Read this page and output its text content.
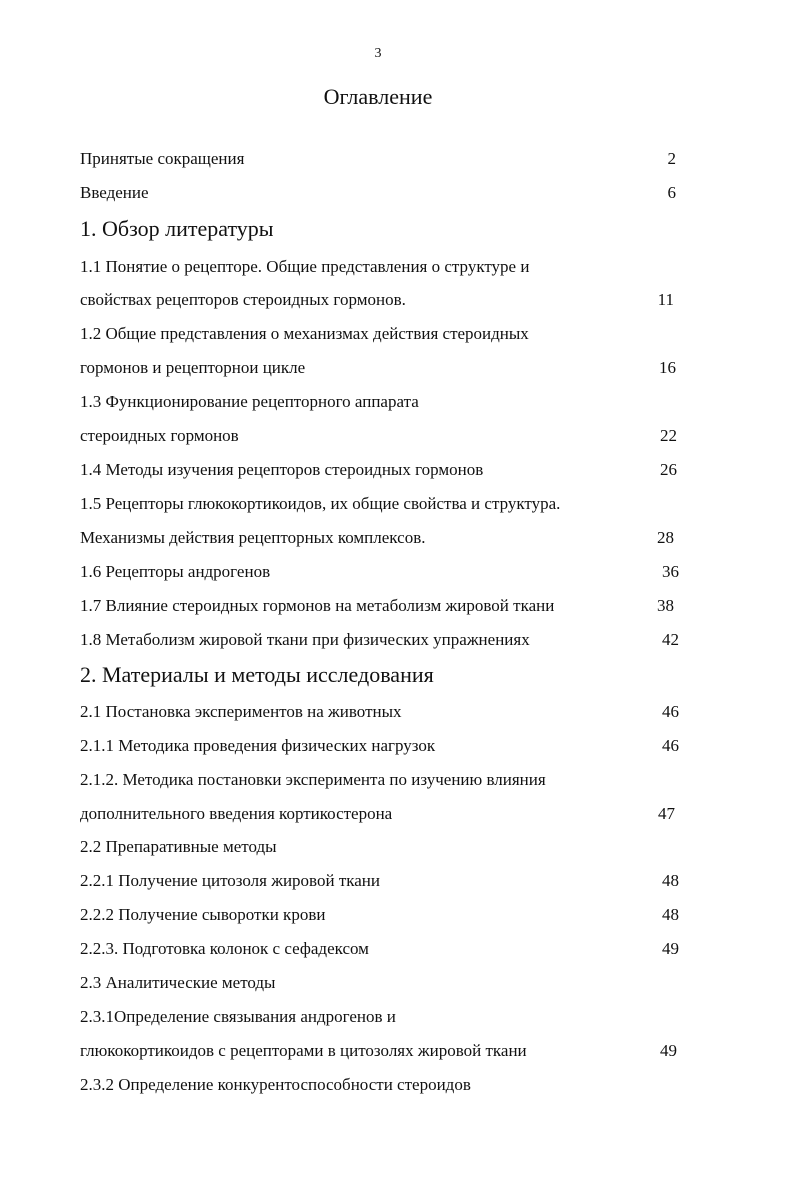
3
Оглавление
Принятые сокращения	2
Введение	6
1. Обзор литературы
1.1 Понятие о рецепторе. Общие представления о структуре и
свойствах рецепторов стероидных гормонов.	11
1.2 Общие представления о механизмах действия стероидных
гормонов и рецепторнои цикле	16
1.3 Функционирование рецепторного аппарата
стероидных гормонов	22
1.4 Методы изучения рецепторов стероидных гормонов	26
1.5 Рецепторы глюкокортикоидов, их общие свойства и структура.
Механизмы действия рецепторных комплексов.	28
1.6 Рецепторы андрогенов	36
1.7 Влияние стероидных гормонов на метаболизм жировой ткани	38
1.8 Метаболизм жировой ткани при физических упражнениях	42
2. Материалы и методы исследования
2.1 Постановка экспериментов на животных	46
2.1.1 Методика проведения физических нагрузок	46
2.1.2. Методика постановки эксперимента по изучению влияния
дополнительного введения кортикостерона	47
2.2 Препаративные методы
2.2.1 Получение цитозоля жировой ткани	48
2.2.2 Получение сыворотки крови	48
2.2.3. Подготовка колонок с сефадексом	49
2.3 Аналитические методы
2.3.1Определение связывания андрогенов и
глюкокортикоидов с рецепторами в цитозолях жировой ткани	49
2.3.2 Определение конкурентоспособности стероидов
